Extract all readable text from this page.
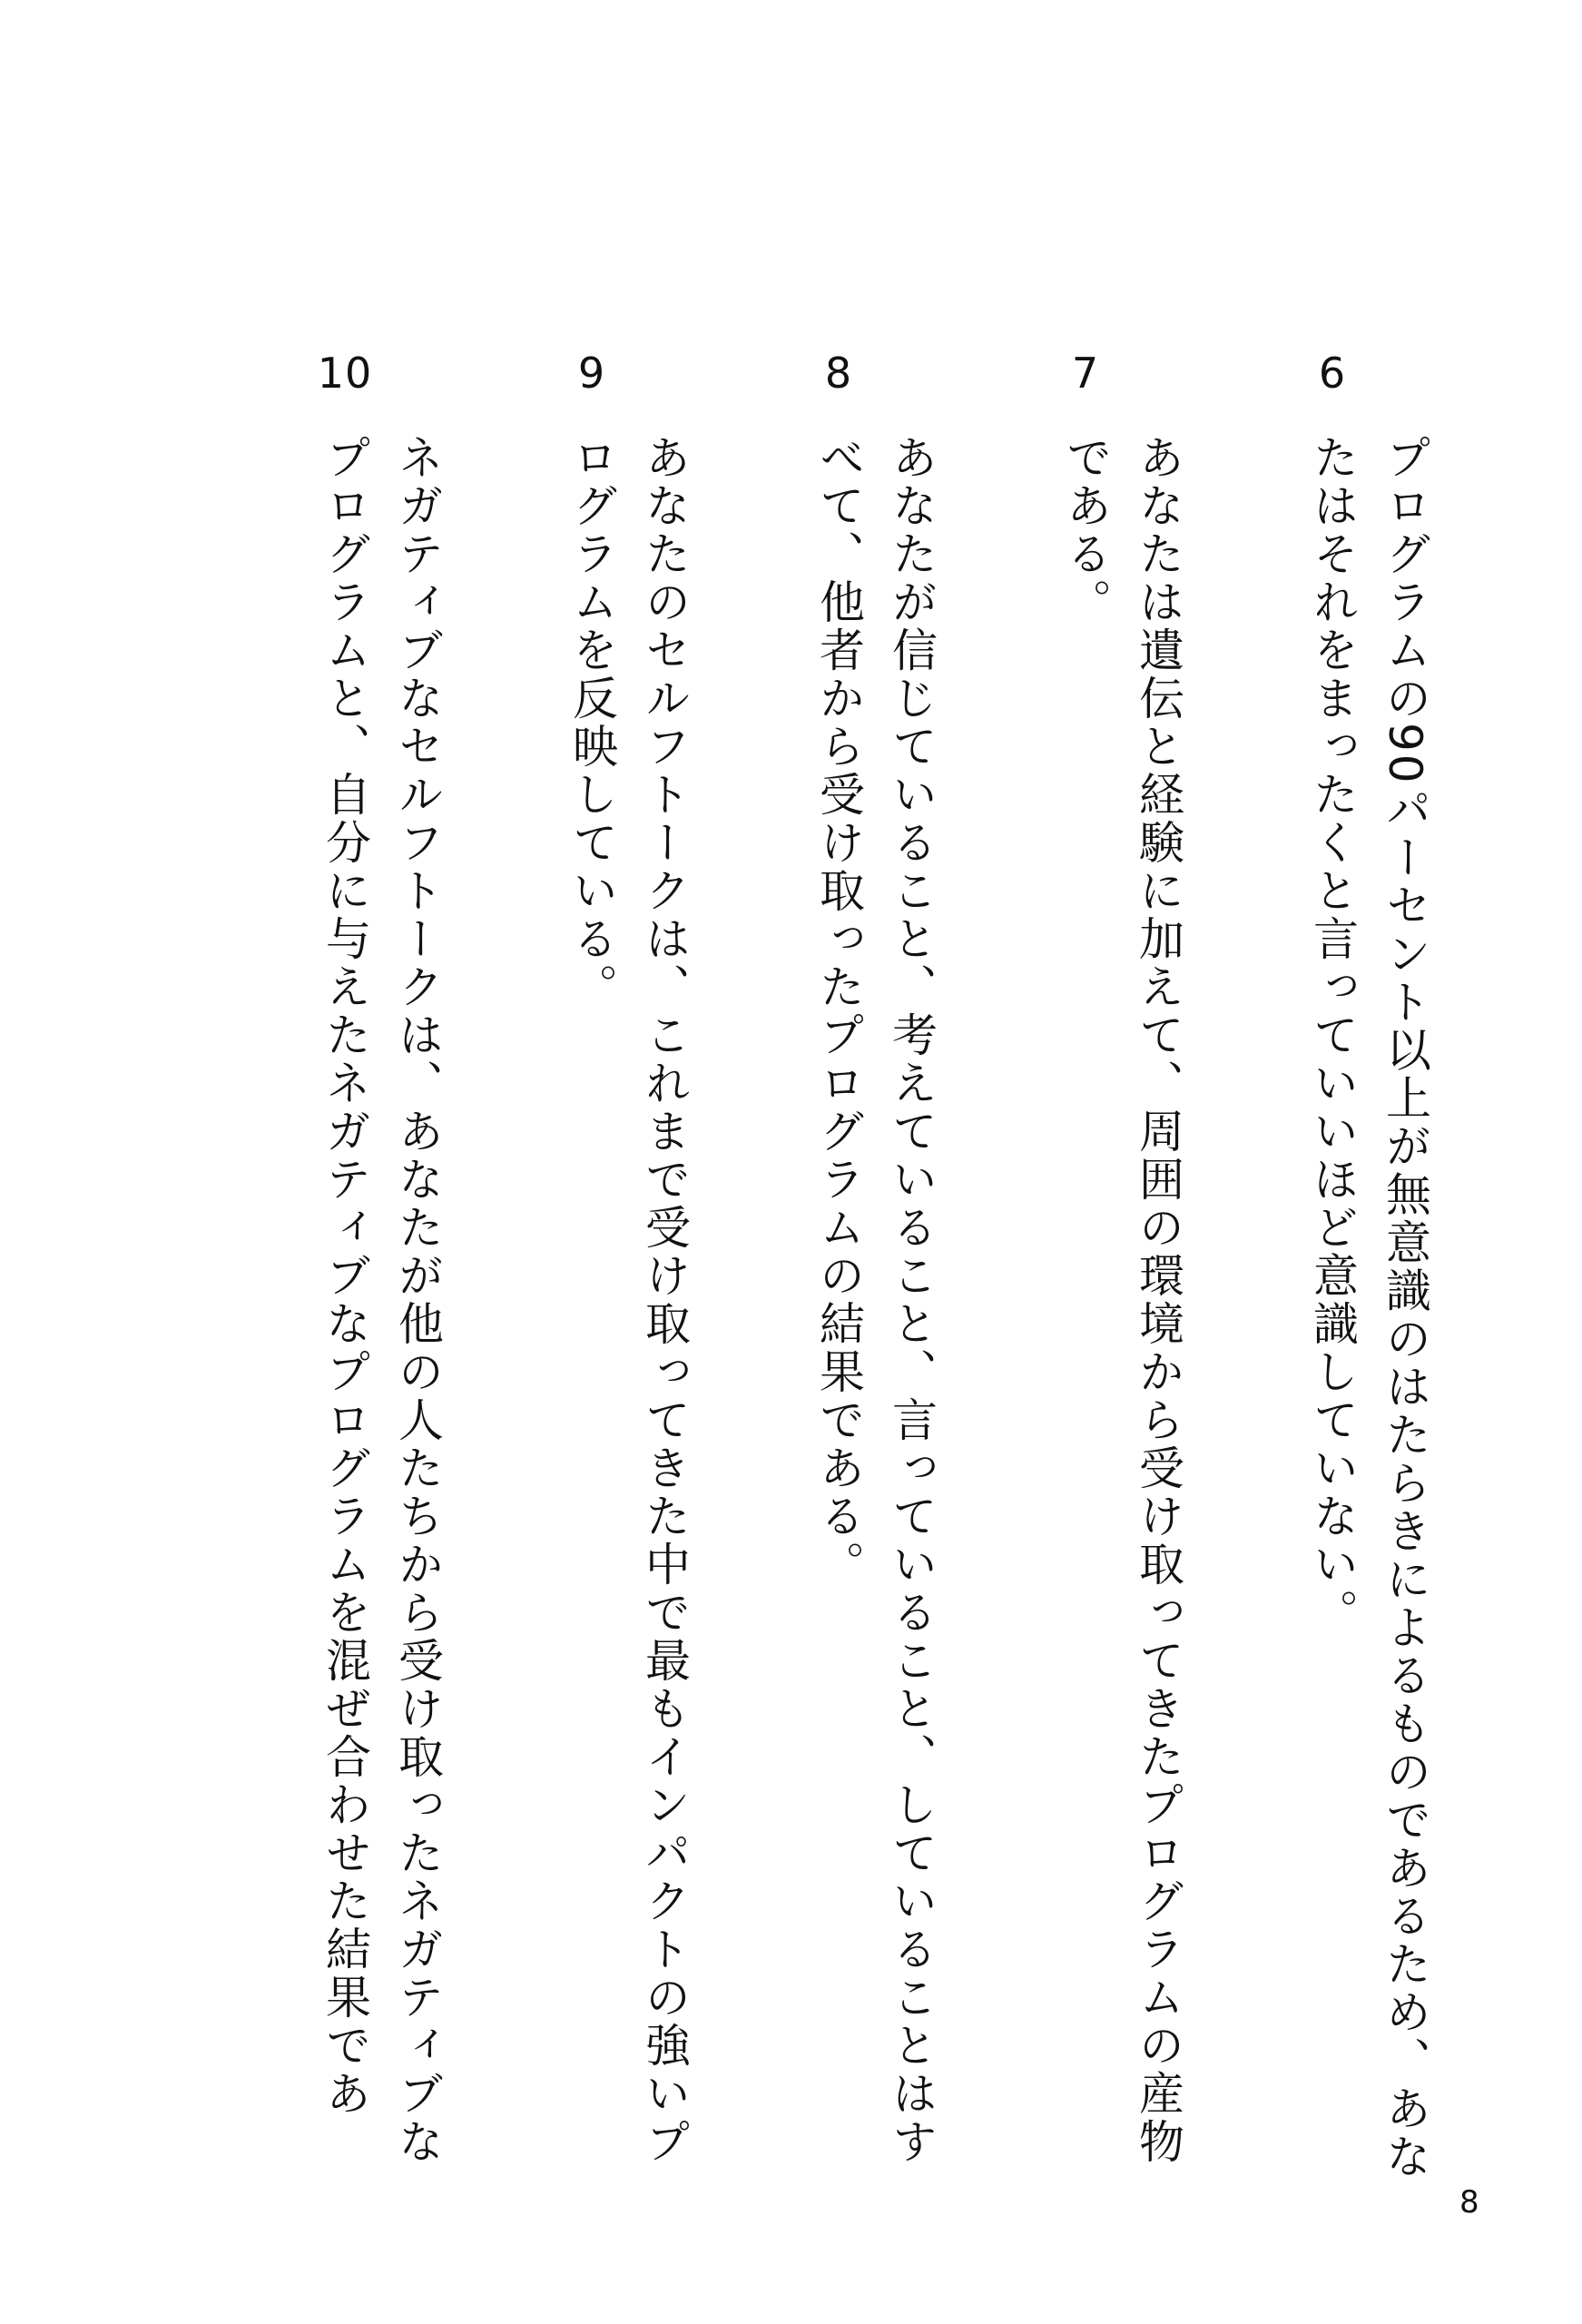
6
プログラムの90パーセント以上が無意識のはたらきによるものであるため、あな
たはそれをまったくと言っていいほど意識していない。
7
あなたは遺伝と経験に加えて、周囲の環境から受け取ってきたプログラムの産物
である。
8
あなたが信じていること、考えていること、言っていること、していることはす
べて、他者から受け取ったプログラムの結果である。
9
あなたのセルフトークは、これまで受け取ってきた中で最もインパクトの強いプ
ログラムを反映している。
10
ネガティブなセルフトークは、あなたが他の人たちから受け取ったネガティブな
プログラムと、自分に与えたネガティブなプログラムを混ぜ合わせた結果であ
8
